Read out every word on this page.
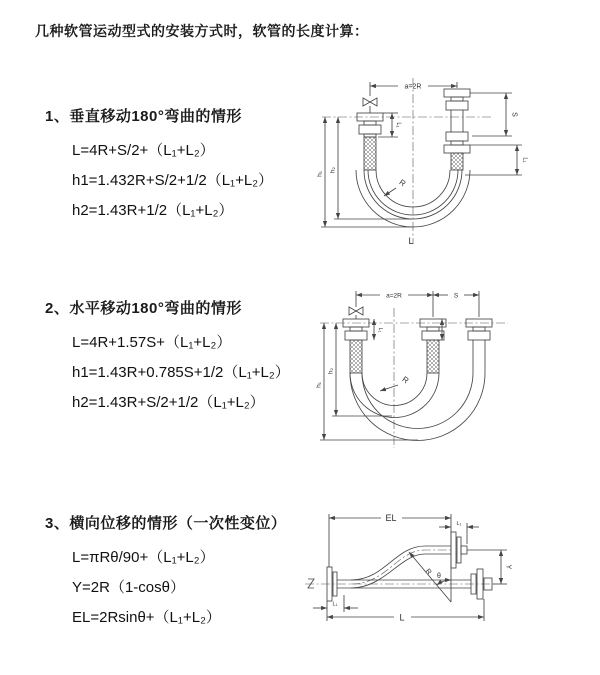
几种软管运动型式的安装方式时，软管的长度计算：
1、垂直移动180°弯曲的情形

L=4R+S/2+（L₁+L₂）

h1=1.432R+S/2+1/2（L₁+L₂）

h2=1.43R+1/2（L₁+L₂）

2、水平移动180°弯曲的情形

L=4R+1.57S+（L₁+L₂）

h1=1.43R+0.785S+1/2（L₁+L₂）

h2=1.43R+S/2+1/2（L₁+L₂）

3、横向位移的情形（一次性变位）

L=πRθ/90+（L₁+L₂）

Y=2R（1-cosθ）

EL=2Rsinθ+（L₁+L₂）

a=2R
L₁
S
L₁
h₁
h₂
R
L
a=2R	S
L₁
h₁
h₂
R
EL
L₁
Y
R
θ
L₁
L
